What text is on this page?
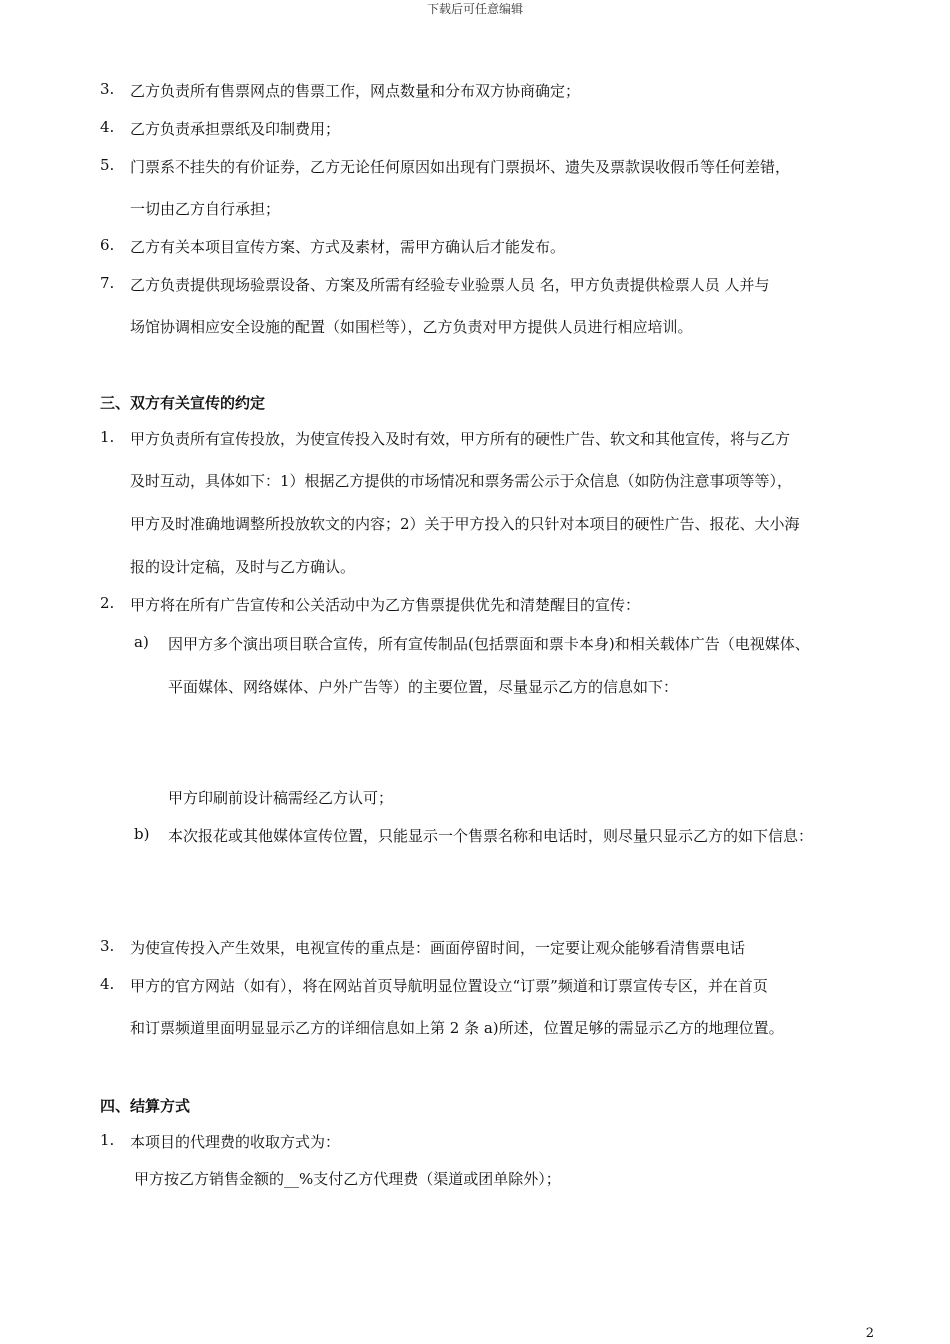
下载后可任意编辑
3. 乙方负责所有售票网点的售票工作，网点数量和分布双方协商确定；
4. 乙方负责承担票纸及印制费用；
5. 门票系不挂失的有价证券，乙方无论任何原因如出现有门票损坏、遗失及票款误收假币等任何差错，
一切由乙方自行承担；
6. 乙方有关本项目宣传方案、方式及素材，需甲方确认后才能发布。
7. 乙方负责提供现场验票设备、方案及所需有经验专业验票人员 名，甲方负责提供检票人员 人并与
场馆协调相应安全设施的配置（如围栏等），乙方负责对甲方提供人员进行相应培训。
三、双方有关宣传的约定
1. 甲方负责所有宣传投放，为使宣传投入及时有效，甲方所有的硬性广告、软文和其他宣传，将与乙方
及时互动，具体如下：1）根据乙方提供的市场情况和票务需公示于众信息（如防伪注意事项等等），
甲方及时准确地调整所投放软文的内容；2）关于甲方投入的只针对本项目的硬性广告、报花、大小海
报的设计定稿，及时与乙方确认。
2. 甲方将在所有广告宣传和公关活动中为乙方售票提供优先和清楚醒目的宣传：
a) 因甲方多个演出项目联合宣传，所有宣传制品(包括票面和票卡本身)和相关载体广告（电视媒体、
平面媒体、网络媒体、户外广告等）的主要位置，尽量显示乙方的信息如下：
甲方印刷前设计稿需经乙方认可；
b) 本次报花或其他媒体宣传位置，只能显示一个售票名称和电话时，则尽量只显示乙方的如下信息：
3. 为使宣传投入产生效果，电视宣传的重点是：画面停留时间，一定要让观众能够看清售票电话
4. 甲方的官方网站（如有），将在网站首页导航明显位置设立“订票”频道和订票宣传专区，并在首页
和订票频道里面明显显示乙方的详细信息如上第 2 条 a)所述，位置足够的需显示乙方的地理位置。
四、结算方式
1. 本项目的代理费的收取方式为：
甲方按乙方销售金额的__%支付乙方代理费（渠道或团单除外）；
2
